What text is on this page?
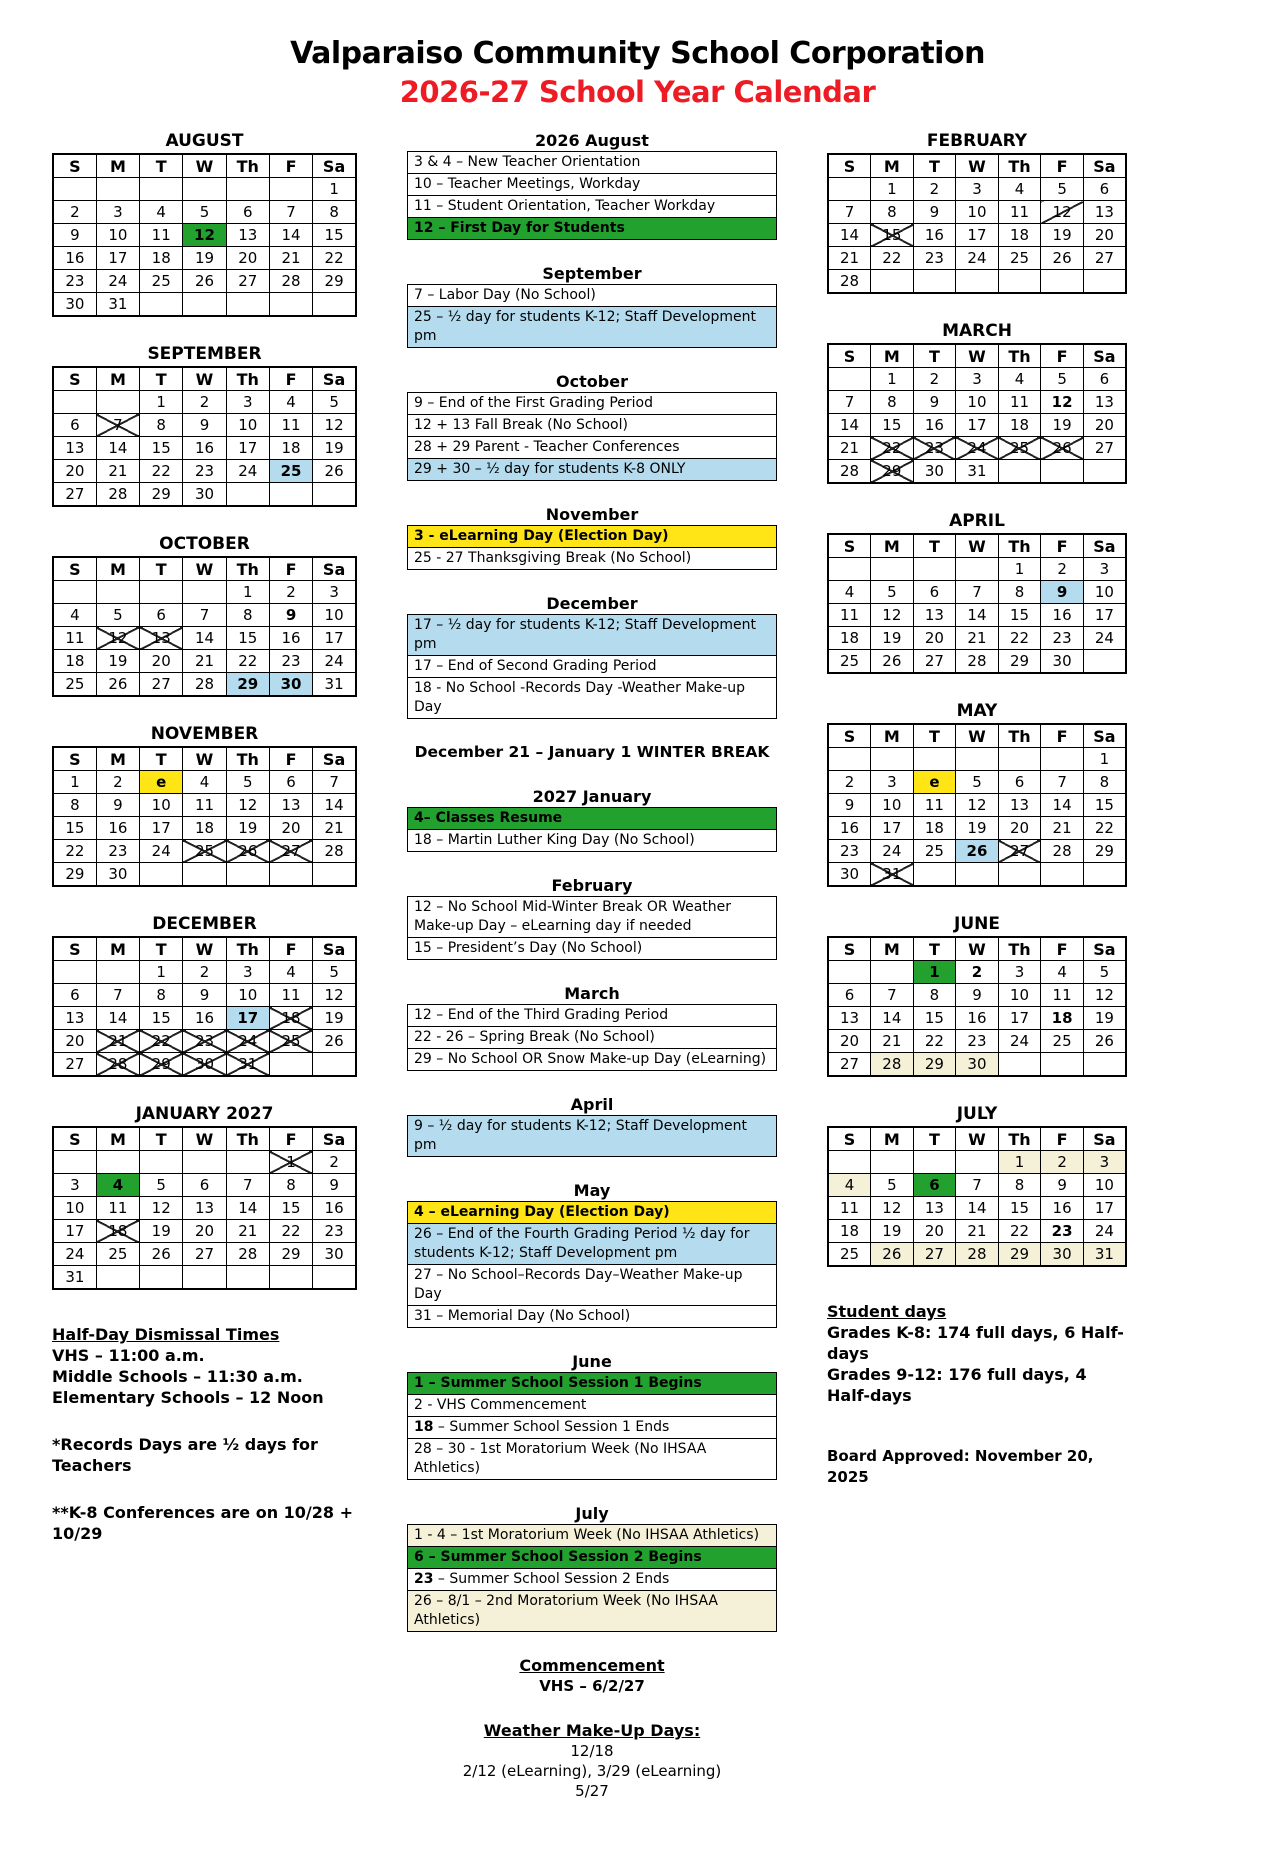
Valparaiso Community School Corporation
2026-27 School Year Calendar
AUGUST
S	M	T	W	Th	F	Sa
						1
2	3	4	5	6	7	8
9	10	11	12	13	14	15
16	17	18	19	20	21	22
23	24	25	26	27	28	29
30	31					
SEPTEMBER
S	M	T	W	Th	F	Sa
		1	2	3	4	5
6	7	8	9	10	11	12
13	14	15	16	17	18	19
20	21	22	23	24	25	26
27	28	29	30			
OCTOBER
S	M	T	W	Th	F	Sa
				1	2	3
4	5	6	7	8	9	10
11	12	13	14	15	16	17
18	19	20	21	22	23	24
25	26	27	28	29	30	31
NOVEMBER
S	M	T	W	Th	F	Sa
1	2	e	4	5	6	7
8	9	10	11	12	13	14
15	16	17	18	19	20	21
22	23	24	25	26	27	28
29	30					
DECEMBER
S	M	T	W	Th	F	Sa
		1	2	3	4	5
6	7	8	9	10	11	12
13	14	15	16	17	18	19
20	21	22	23	24	25	26
27	28	29	30	31		
JANUARY 2027
S	M	T	W	Th	F	Sa
					1	2
3	4	5	6	7	8	9
10	11	12	13	14	15	16
17	18	19	20	21	22	23
24	25	26	27	28	29	30
31						
Half-Day Dismissal Times
VHS – 11:00 a.m.
Middle Schools – 11:30 a.m.
Elementary Schools – 12 Noon
*Records Days are ½ days for Teachers
**K-8 Conferences are on 10/28 + 10/29
2026 August
3 & 4 – New Teacher Orientation
10 – Teacher Meetings, Workday
11 – Student Orientation, Teacher Workday
12 – First Day for Students
September
7 – Labor Day (No School)
25 – ½ day for students K-12; Staff Development pm
October
9 – End of the First Grading Period
12 + 13 Fall Break (No School)
28 + 29 Parent - Teacher Conferences
29 + 30 – ½ day for students K-8 ONLY
November
3 - eLearning Day (Election Day)
25 - 27 Thanksgiving Break (No School)
December
17 – ½ day for students K-12; Staff Development pm
17 – End of Second Grading Period
18 - No School -Records Day -Weather Make-up Day
December 21 – January 1 WINTER BREAK
2027 January
4– Classes Resume
18 – Martin Luther King Day (No School)
February
12 – No School Mid-Winter Break OR Weather Make-up Day – eLearning day if needed
15 – President’s Day (No School)
March
12 – End of the Third Grading Period
22 - 26 – Spring Break (No School)
29 – No School OR Snow Make-up Day (eLearning)
April
9 – ½ day for students K-12; Staff Development pm
May
4 – eLearning Day (Election Day)
26 – End of the Fourth Grading Period ½ day for students K-12; Staff Development pm
27 – No School–Records Day–Weather Make-up Day
31 – Memorial Day (No School)
June
1 – Summer School Session 1 Begins
2 - VHS Commencement
18 – Summer School Session 1 Ends
28 – 30 - 1st Moratorium Week (No IHSAA Athletics)
July
1 - 4 – 1st Moratorium Week (No IHSAA Athletics)
6 – Summer School Session 2 Begins
23 – Summer School Session 2 Ends
26 – 8/1 – 2nd Moratorium Week (No IHSAA Athletics)
Commencement
VHS – 6/2/27
Weather Make-Up Days:
12/18
2/12 (eLearning), 3/29 (eLearning)
5/27
FEBRUARY
S	M	T	W	Th	F	Sa
	1	2	3	4	5	6
7	8	9	10	11	12	13
14	15	16	17	18	19	20
21	22	23	24	25	26	27
28						
MARCH
S	M	T	W	Th	F	Sa
	1	2	3	4	5	6
7	8	9	10	11	12	13
14	15	16	17	18	19	20
21	22	23	24	25	26	27
28	29	30	31			
APRIL
S	M	T	W	Th	F	Sa
				1	2	3
4	5	6	7	8	9	10
11	12	13	14	15	16	17
18	19	20	21	22	23	24
25	26	27	28	29	30	
MAY
S	M	T	W	Th	F	Sa
						1
2	3	e	5	6	7	8
9	10	11	12	13	14	15
16	17	18	19	20	21	22
23	24	25	26	27	28	29
30	31					
JUNE
S	M	T	W	Th	F	Sa
		1	2	3	4	5
6	7	8	9	10	11	12
13	14	15	16	17	18	19
20	21	22	23	24	25	26
27	28	29	30			
JULY
S	M	T	W	Th	F	Sa
				1	2	3
4	5	6	7	8	9	10
11	12	13	14	15	16	17
18	19	20	21	22	23	24
25	26	27	28	29	30	31
Student days
Grades K-8: 174 full days, 6 Half-days
Grades 9-12: 176 full days, 4 Half-days
Board Approved: November 20, 2025
